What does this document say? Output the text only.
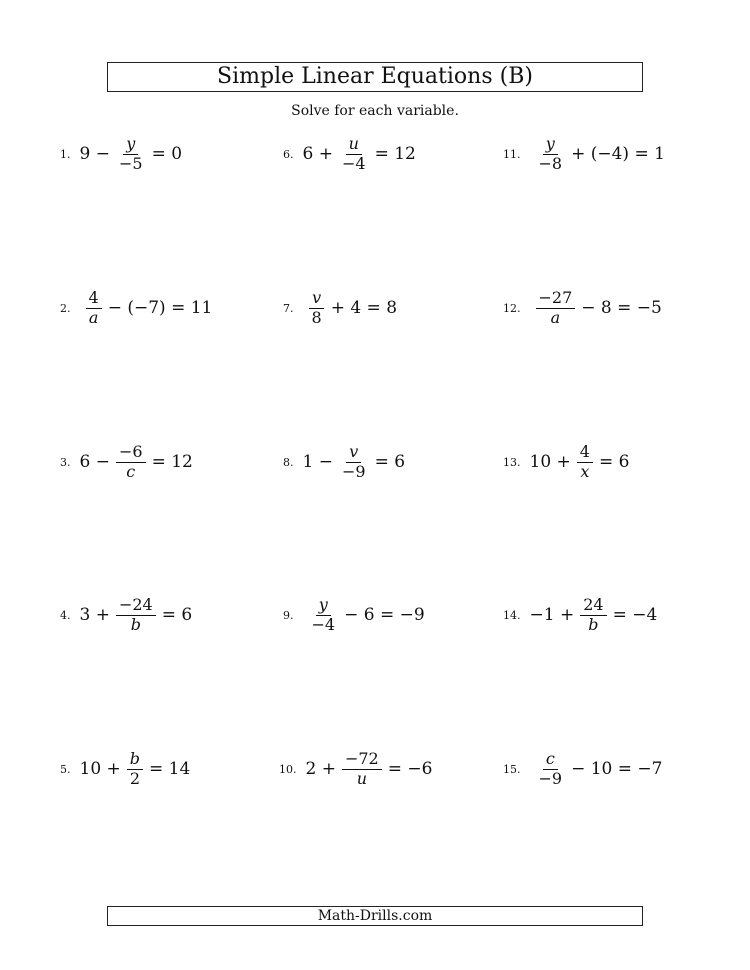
Simple Linear Equations (B)
Solve for each variable.
1. $9 - \frac{y}{-5} = 0$
2. $\frac{4}{a} - (-7) = 11$
3. $6 - \frac{-6}{c} = 12$
4. $3 + \frac{-24}{b} = 6$
5. $10 + \frac{b}{2} = 14$
6. $6 + \frac{u}{-4} = 12$
7. $\frac{v}{8} + 4 = 8$
8. $1 - \frac{v}{-9} = 6$
9. $\frac{y}{-4} - 6 = -9$
10. $2 + \frac{-72}{u} = -6$
11. $\frac{y}{-8} + (-4) = 1$
12. $\frac{-27}{a} - 8 = -5$
13. $10 + \frac{4}{x} = 6$
14. $-1 + \frac{24}{b} = -4$
15. $\frac{c}{-9} - 10 = -7$
Math-Drills.com
